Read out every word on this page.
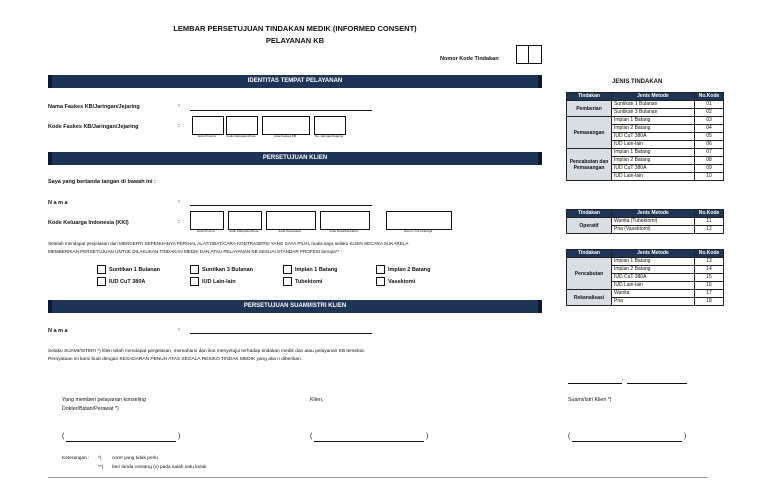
LEMBAR PERSETUJUAN TINDAKAN MEDIK (INFORMED CONSENT)
PELAYANAN KB
Nomor Kode Tindakan
IDENTITAS TEMPAT PELAYANAN
Nama Faskes KB/Jaringan/Jejaring	:
Kode Faskes KB/Jaringan/Jejaring	:
kode Provinsi	kode Kabupaten/Kota	kode Faskes KB	No. Jaringan/Jejaring
PERSETUJUAN KLIEN
Saya yang bertanda tangan di bawah ini :
N a m a	:
Kode Keluarga Indonesia (KKI)	:
kode Provinsi	kode Kabupaten/Kota	kode Kecamatan	kode Desa/Kelurahan	Nomor Urut Keluarga
Setelah mendapat penjelasan dan MENGERTI SEPENUHNYA PERIHAL ALAT/OBAT/CARA KONTRASEPSI YANG SAYA PILIH, maka saya selaku KLIEN SECARA SUKARELA
MEMBERIKAN PERSETUJUAN UNTUK DILAKUKAN TINDAKAN MEDIK DAN ATAU PELAYANAN KB SESUAI STANDAR PROFESI berupa** :
Suntikan 1 Bulanan	Suntikan 3 Bulanan	Implan 1 Batang	Implan 2 Batang
IUD CuT 380A	IUD Lain-lain	Tubektomi	Vasektomi
PERSETUJUAN SUAMI/ISTRI KLIEN
N a m a	:
Selaku SUAMI/ISTERI *) klien telah mendapat penjelasan, memahami dan ikut menyetujui terhadap tindakan medik dan atau pelayanan KB tersebut.
Pernyataan ini kami buat dengan KESADARAN PENUH ATAS SEGALA RESIKO TINDAK MEDIK yang aka n diberikan.
,
Yang memberi pelayanan konseling
Dokter/Bidan/Perawat *)
Klien,	Suami/Istri Klien *)
(	)	(	)	(	)
Keterangan : *) coret yang tidak perlu
**) beri tanda centang (v) pada salah satu kotak
JENIS TINDAKAN
Tindakan	Jenis Metode	No.Kode
Pemberian	Suntikan 1 Bulanan	01
	Suntikan 3 Bulanan	02
Pemasangan	Implan 1 Batang	03
	Implan 2 Batang	04
	IUD CuT 380A	05
	IUD Lain-lain	06
Pencabutan dan Pemasangan	Implan 1 Batang	07
	Implan 2 Batang	08
	IUD CuT 380A	09
	IUD Lain-lain	10
Tindakan	Jenis Metode	No.Kode
Operatif	Wanita (Tubektomi)	11
	Pria (Vasektomi)	12
Tindakan	Jenis Metode	No.Kode
Pencabutan	Implan 1 Batang	13
	Implan 2 Batang	14
	IUD CuT 380A	15
	IUD Lain-lain	16
Rekanalisasi	Wanita	17
	Pria	18
